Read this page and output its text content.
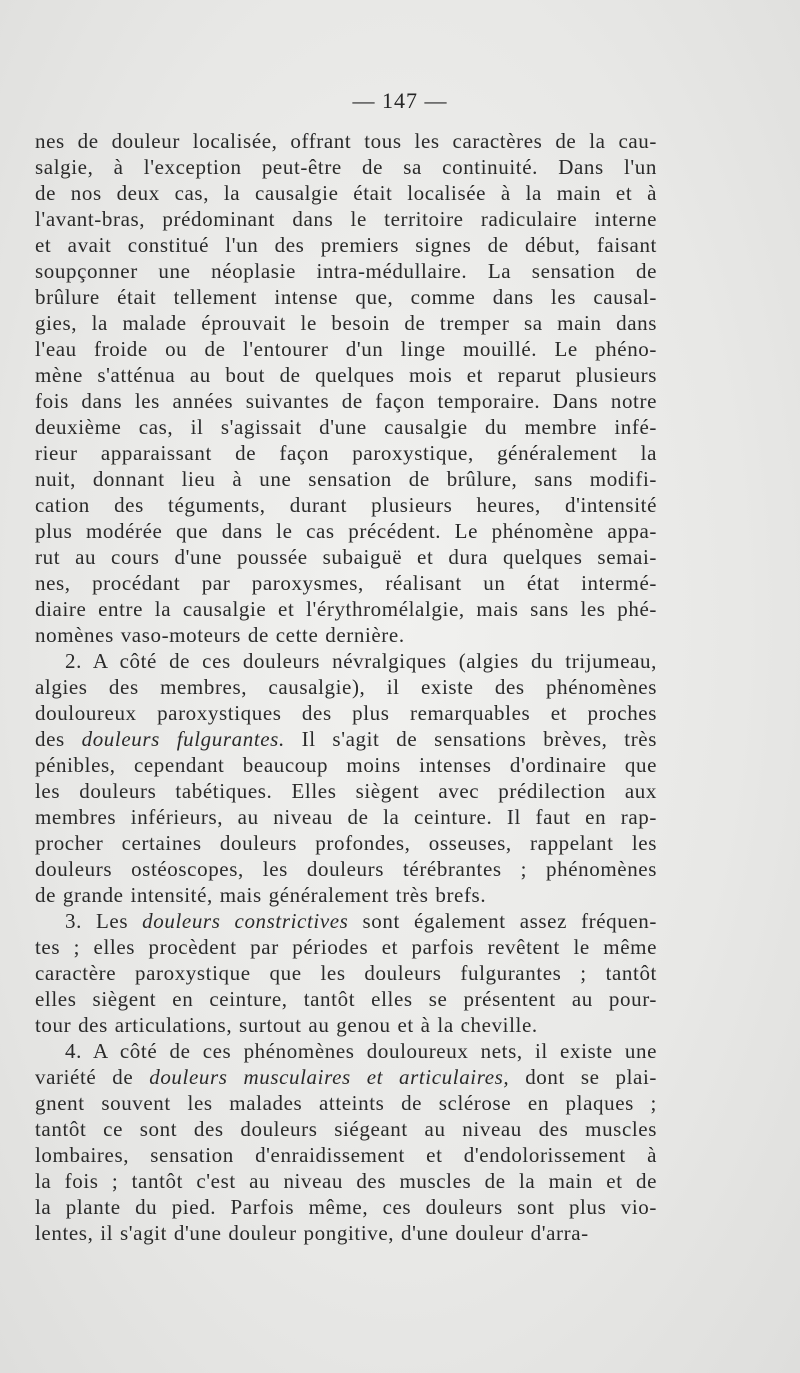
— 147 —
nes de douleur localisée, offrant tous les caractères de la cau-
salgie, à l'exception peut-être de sa continuité. Dans l'un
de nos deux cas, la causalgie était localisée à la main et à
l'avant-bras, prédominant dans le territoire radiculaire interne
et avait constitué l'un des premiers signes de début, faisant
soupçonner une néoplasie intra-médullaire. La sensation de
brûlure était tellement intense que, comme dans les causal-
gies, la malade éprouvait le besoin de tremper sa main dans
l'eau froide ou de l'entourer d'un linge mouillé. Le phéno-
mène s'atténua au bout de quelques mois et reparut plusieurs
fois dans les années suivantes de façon temporaire. Dans notre
deuxième cas, il s'agissait d'une causalgie du membre infé-
rieur apparaissant de façon paroxystique, généralement la
nuit, donnant lieu à une sensation de brûlure, sans modifi-
cation des téguments, durant plusieurs heures, d'intensité
plus modérée que dans le cas précédent. Le phénomène appa-
rut au cours d'une poussée subaiguë et dura quelques semai-
nes, procédant par paroxysmes, réalisant un état intermé-
diaire entre la causalgie et l'érythromélalgie, mais sans les phé-
nomènes vaso-moteurs de cette dernière.
2. A côté de ces douleurs névralgiques (algies du trijumeau,
algies des membres, causalgie), il existe des phénomènes
douloureux paroxystiques des plus remarquables et proches
des douleurs fulgurantes. Il s'agit de sensations brèves, très
pénibles, cependant beaucoup moins intenses d'ordinaire que
les douleurs tabétiques. Elles siègent avec prédilection aux
membres inférieurs, au niveau de la ceinture. Il faut en rap-
procher certaines douleurs profondes, osseuses, rappelant les
douleurs ostéoscopes, les douleurs térébrantes ; phénomènes
de grande intensité, mais généralement très brefs.
3. Les douleurs constrictives sont également assez fréquen-
tes ; elles procèdent par périodes et parfois revêtent le même
caractère paroxystique que les douleurs fulgurantes ; tantôt
elles siègent en ceinture, tantôt elles se présentent au pour-
tour des articulations, surtout au genou et à la cheville.
4. A côté de ces phénomènes douloureux nets, il existe une
variété de douleurs musculaires et articulaires, dont se plai-
gnent souvent les malades atteints de sclérose en plaques ;
tantôt ce sont des douleurs siégeant au niveau des muscles
lombaires, sensation d'enraidissement et d'endolorissement à
la fois ; tantôt c'est au niveau des muscles de la main et de
la plante du pied. Parfois même, ces douleurs sont plus vio-
lentes, il s'agit d'une douleur pongitive, d'une douleur d'arra-
